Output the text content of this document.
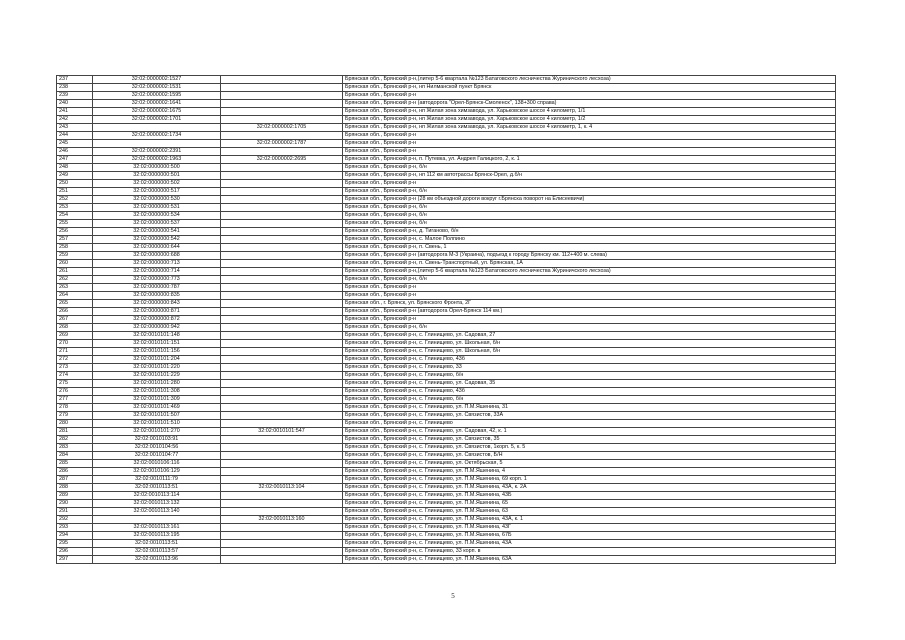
237	32:02:0000002:1527		Брянская обл., Брянский р-н,(литер 5-6 квартала №123 Батаговского лесничества Журиничского лесхоза)
238	32:02:0000002:1531		Брянская обл., Брянский р-н, нп Нилманской пункт Брянск
239	32:02:0000002:1595		Брянская обл., Брянский р-н
240	32:02:0000002:1641		Брянская обл., Брянский р-н (автодорога "Орел-Брянск-Смоленск", 138+300 справа)
241	32:02:0000002:1675		Брянская обл., Брянский р-н, нп Жилая зона химзавода, ул. Харьковское шоссе 4 километр, 1/1
242	32:02:0000002:1701		Брянская обл., Брянский р-н, нп Жилая зона химзавода, ул. Харьковское шоссе 4 километр, 1/2
243		32:02:0000002:1705	Брянская обл., Брянский р-н, нп Жилая зона химзавода, ул. Харьковское шоссе 4 километр, 1, к. 4
244	32:02:0000002:1734		Брянская обл., Брянский р-н
245		32:02:0000002:1787	Брянская обл., Брянский р-н
246	32:02:0000002:2391		Брянская обл., Брянский р-н
247	32:02:0000002:1963	32:02:0000002:2695	Брянская обл., Брянский р-н, п. Путевка, ул. Андрея Галицкого, 2, к. 1
248	32:02:0000000:500		Брянская обл., Брянский р-н, б/н
249	32:02:0000000:501		Брянская обл., Брянский р-н, нп 112 км автотрассы Брянск-Орел, д.б/н
250	32:02:0000000:502		Брянская обл., Брянский р-н
251	32:02:0000000:517		Брянская обл., Брянский р-н, б/н
252	32:02:0000000:530		Брянская обл., Брянский р-н (28 км объездной дороги вокруг г.Брянска поворот на Елисеевичи)
253	32:02:0000000:531		Брянская обл., Брянский р-н, б/н
254	32:02:0000000:534		Брянская обл., Брянский р-н, б/н
255	32:02:0000000:537		Брянская обл., Брянский р-н, б/н
256	32:02:0000000:541		Брянская обл., Брянский р-н, д. Тиганово, б/н
257	32:02:0000000:542		Брянская обл., Брянский р-н, с. Малое Полпино
258	32:02:0000000:644		Брянская обл., Брянский р-н, п. Свень, 1
259	32:02:0000000:688		Брянская обл., Брянский р-н (автодорога М-3 (Украина), подъезд к городу Брянску км. 112+400 м. слева)
260	32:02:0000000:713		Брянская обл., Брянский р-н, п. Свень-Транспортный, ул. Брянская, 1А
261	32:02:0000000:714		Брянская обл., Брянский р-н,(литер 5-6 квартала №123 Батаговского лесничества Журиничского лесхоза)
262	32:02:0000000:773		Брянская обл., Брянский р-н, б/н
263	32:02:0000000:787		Брянская обл., Брянский р-н
264	32:02:0000000:835		Брянская обл., Брянский р-н
265	32:02:0000000:843		Брянская обл., г. Брянск, ул. Брянского Фронта, 2Г
266	32:02:0000000:871		Брянская обл., Брянский р-н (автодорога Орел-Брянск 114 км.)
267	32:02:0000000:872		Брянская обл., Брянский р-н
268	32:02:0000000:942		Брянская обл., Брянский р-н, б/н
269	32:02:0010101:148		Брянская обл., Брянский р-н, с. Глинищево, ул. Садовая, 27
270	32:02:0010101:151		Брянская обл., Брянский р-н, с. Глинищево, ул. Школьная, б/н
271	32:02:0010101:156		Брянская обл., Брянский р-н, с. Глинищево, ул. Школьная, б/н
272	32:02:0010101:204		Брянская обл., Брянский р-н, с. Глинищево, 43б
273	32:02:0010101:220		Брянская обл., Брянский р-н, с. Глинищево, 33
274	32:02:0010101:229		Брянская обл., Брянский р-н, с. Глинищево, б/н
275	32:02:0010101:280		Брянская обл., Брянский р-н, с. Глинищево, ул. Садовая, 35
276	32:02:0010101:308		Брянская обл., Брянский р-н, с. Глинищево, 43б
277	32:02:0010101:309		Брянская обл., Брянский р-н, с. Глинищево, б/н
278	32:02:0010101:469		Брянская обл., Брянский р-н, с. Глинищево, ул. П.М.Яшенина, 31
279	32:02:0010101:507		Брянская обл., Брянский р-н, с. Глинищево, ул. Связистов, 33А
280	32:02:0010101:510		Брянская обл., Брянский р-н, с. Глинищево
281	32:02:0010101:270	32:02:0010101:547	Брянская обл., Брянский р-н, с. Глинищево, ул. Садовая, 42, к. 1
282	32:02:0010103:91		Брянская обл., Брянский р-н, с. Глинищево, ул. Связистов, 35
283	32:02:0010104:56		Брянская обл., Брянский р-н, с. Глинищево, ул. Связистов, 1корп. 5, к. 5
284	32:02:0010104:77		Брянская обл., Брянский р-н, с. Глинищево, ул. Связистов, Б/Н
285	32:02:0010106:116		Брянская обл., Брянский р-н, с. Глинищево, ул. Октябрьская, 5
286	32:02:0010106:129		Брянская обл., Брянский р-н, с. Глинищево, ул. П.М.Яшенина, 4
287	32:02:0010111:79		Брянская обл., Брянский р-н, с. Глинищево, ул. П.М.Яшенина, 69 корп. 1
288	32:02:0010113:51	32:02:0010113:104	Брянская обл., Брянский р-н, с. Глинищево, ул. П.М.Яшенина, 43А, к. 2А
289	32:02:0010113:114		Брянская обл., Брянский р-н, с. Глинищево, ул. П.М.Яшенина, 43Б
290	32:02:0010113:132		Брянская обл., Брянский р-н, с. Глинищево, ул. П.М.Яшенина, 65
291	32:02:0010113:140		Брянская обл., Брянский р-н, с. Глинищево, ул. П.М.Яшенина, 63
292		32:02:0010113:160	Брянская обл., Брянский р-н, с. Глинищево, ул. П.М.Яшенина, 43А, к. 1
293	32:02:0010113:161		Брянская обл., Брянский р-н, с. Глинищево, ул. П.М.Яшенина, 43Г
294	32:02:0010113:195		Брянская обл., Брянский р-н, с. Глинищево, ул. П.М.Яшенина, 67Б
295	32:02:0010113:51		Брянская обл., Брянский р-н, с. Глинищево, ул. П.М.Яшенина, 43А
296	32:02:0010113:57		Брянская обл., Брянский р-н, с. Глинищево, 33 корп. в
297	32:02:0010113:96		Брянская обл., Брянский р-н, с. Глинищево, ул. П.М.Яшенина, 63А
5
